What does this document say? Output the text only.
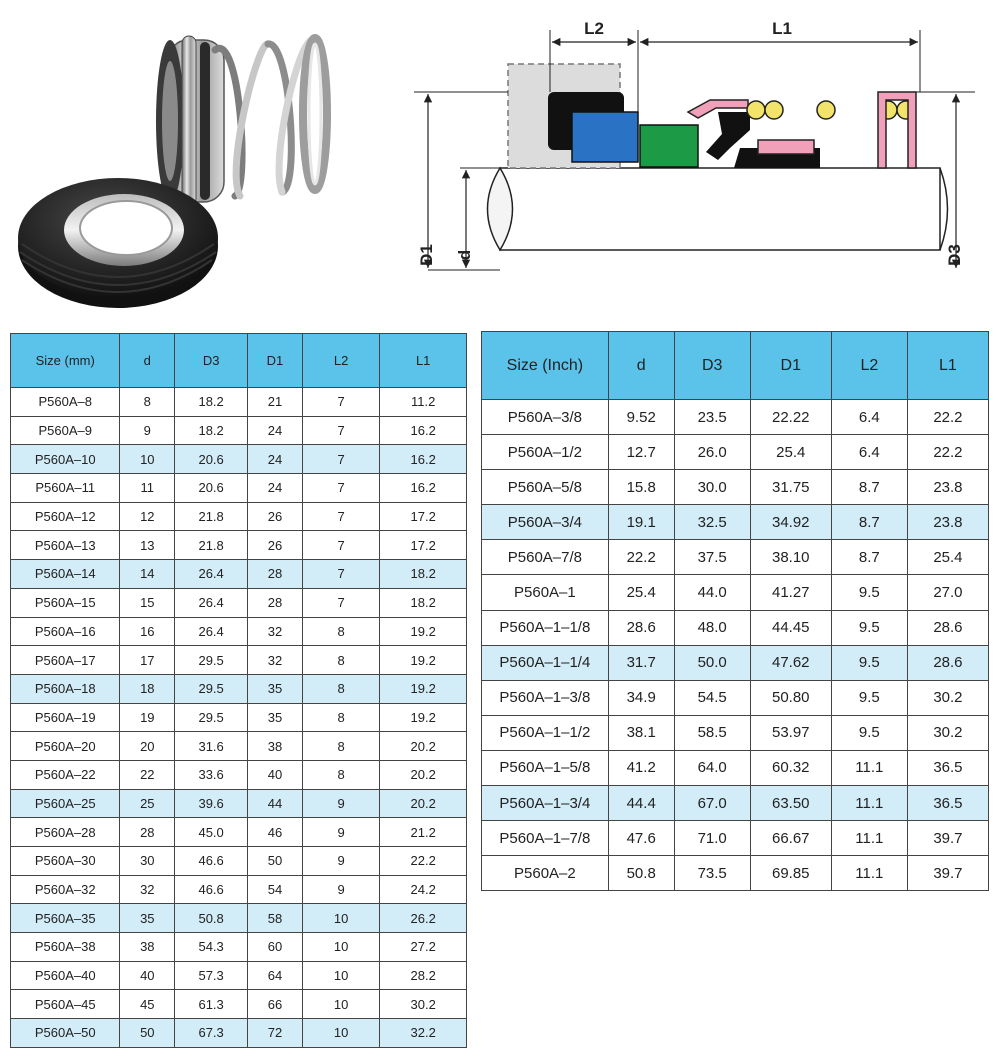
L2	L1
D1 d	D3
Size (mm)	d	D3	D1	L2	L1
P560A–8	8	18.2	21	7	11.2
P560A–9	9	18.2	24	7	16.2
P560A–10	10	20.6	24	7	16.2
P560A–11	11	20.6	24	7	16.2
P560A–12	12	21.8	26	7	17.2
P560A–13	13	21.8	26	7	17.2
P560A–14	14	26.4	28	7	18.2
P560A–15	15	26.4	28	7	18.2
P560A–16	16	26.4	32	8	19.2
P560A–17	17	29.5	32	8	19.2
P560A–18	18	29.5	35	8	19.2
P560A–19	19	29.5	35	8	19.2
P560A–20	20	31.6	38	8	20.2
P560A–22	22	33.6	40	8	20.2
P560A–25	25	39.6	44	9	20.2
P560A–28	28	45.0	46	9	21.2
P560A–30	30	46.6	50	9	22.2
P560A–32	32	46.6	54	9	24.2
P560A–35	35	50.8	58	10	26.2
P560A–38	38	54.3	60	10	27.2
P560A–40	40	57.3	64	10	28.2
P560A–45	45	61.3	66	10	30.2
P560A–50	50	67.3	72	10	32.2
Size (Inch)	d	D3	D1	L2	L1
P560A–3/8	9.52	23.5	22.22	6.4	22.2
P560A–1/2	12.7	26.0	25.4	6.4	22.2
P560A–5/8	15.8	30.0	31.75	8.7	23.8
P560A–3/4	19.1	32.5	34.92	8.7	23.8
P560A–7/8	22.2	37.5	38.10	8.7	25.4
P560A–1	25.4	44.0	41.27	9.5	27.0
P560A–1–1/8	28.6	48.0	44.45	9.5	28.6
P560A–1–1/4	31.7	50.0	47.62	9.5	28.6
P560A–1–3/8	34.9	54.5	50.80	9.5	30.2
P560A–1–1/2	38.1	58.5	53.97	9.5	30.2
P560A–1–5/8	41.2	64.0	60.32	11.1	36.5
P560A–1–3/4	44.4	67.0	63.50	11.1	36.5
P560A–1–7/8	47.6	71.0	66.67	11.1	39.7
P560A–2	50.8	73.5	69.85	11.1	39.7
